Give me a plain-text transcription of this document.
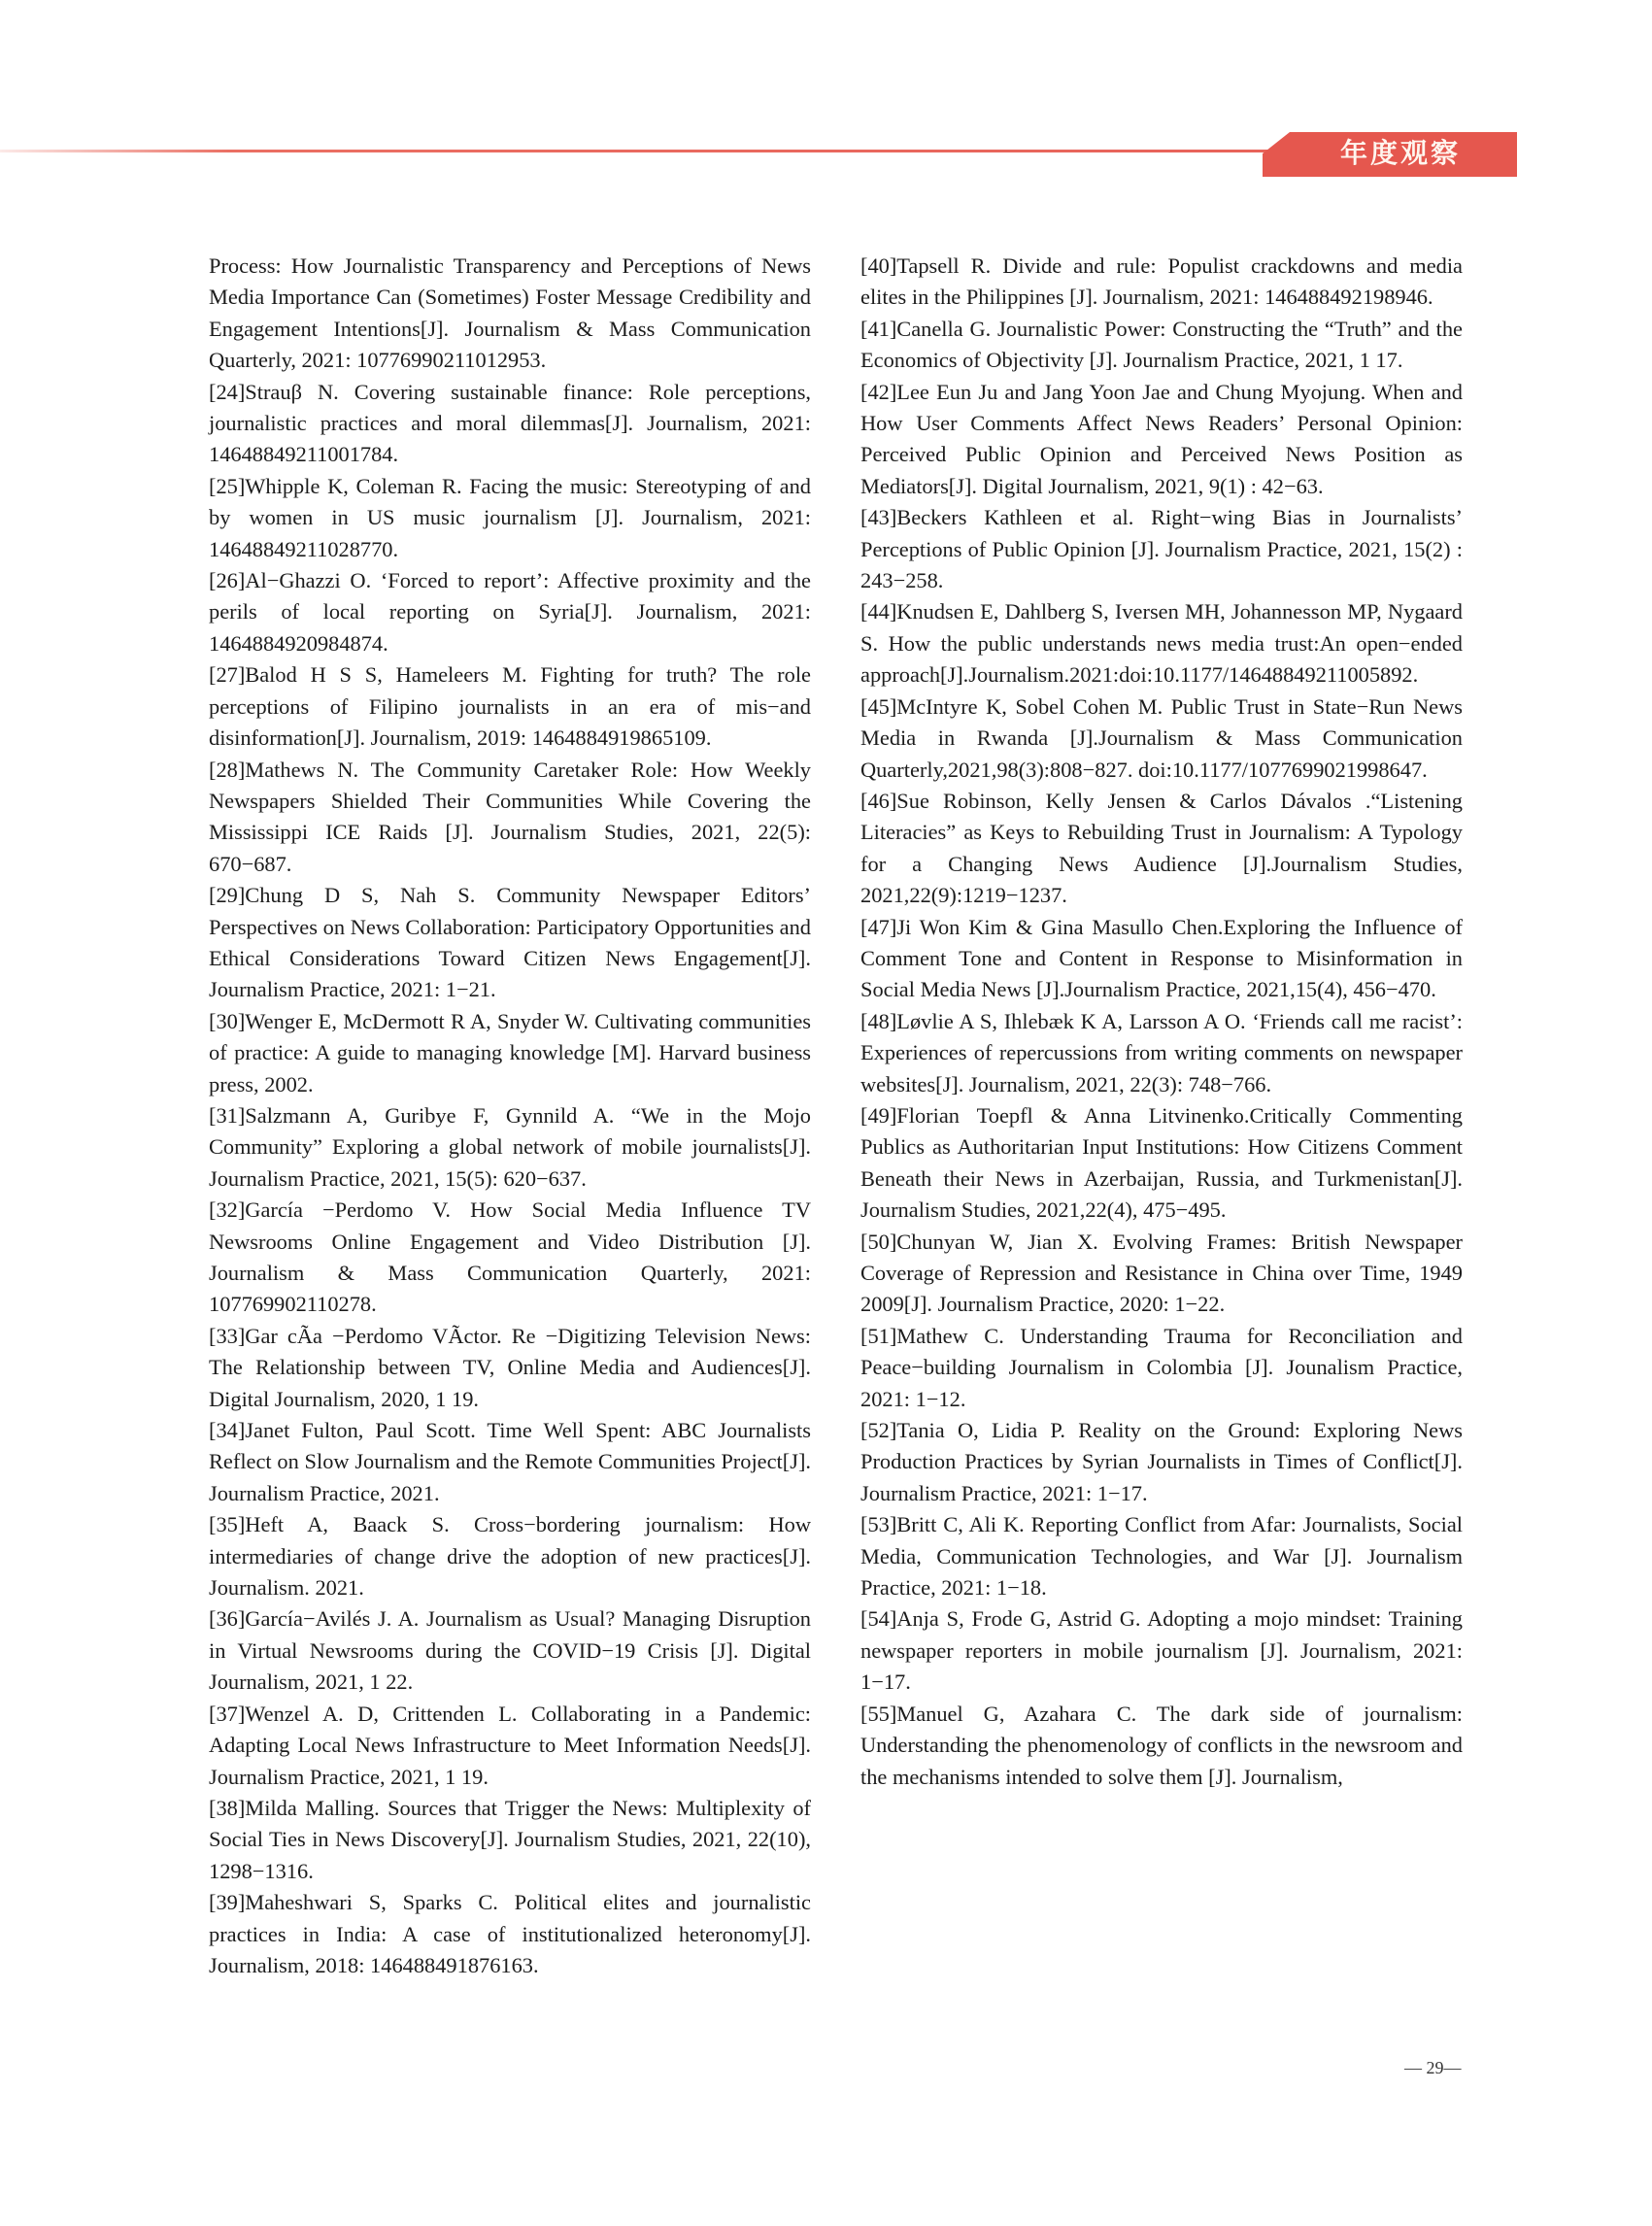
年度观察

Process: How Journalistic Transparency and Perceptions of News Media Importance Can (Sometimes) Foster Message Credibility and Engagement Intentions[J]. Journalism & Mass Communication Quarterly, 2021: 10776990211012953.

[24]Strauβ N. Covering sustainable finance: Role perceptions, journalistic practices and moral dilemmas[J]. Journalism, 2021: 14648849211001784.

[25]Whipple K, Coleman R. Facing the music: Stereotyping of and by women in US music journalism [J]. Journalism, 2021: 14648849211028770.

[26]Al−Ghazzi O. ‘Forced to report’: Affective proximity and the perils of local reporting on Syria[J]. Journalism, 2021: 1464884920984874.

[27]Balod H S S, Hameleers M. Fighting for truth? The role perceptions of Filipino journalists in an era of mis−and disinformation[J]. Journalism, 2019: 1464884919865109.

[28]Mathews N. The Community Caretaker Role: How Weekly Newspapers Shielded Their Communities While Covering the Mississippi ICE Raids [J]. Journalism Studies, 2021, 22(5): 670−687.

[29]Chung D S, Nah S. Community Newspaper Editors’ Perspectives on News Collaboration: Participatory Opportunities and Ethical Considerations Toward Citizen News Engagement[J]. Journalism Practice, 2021: 1−21.

[30]Wenger E, McDermott R A, Snyder W. Cultivating communities of practice: A guide to managing knowledge [M]. Harvard business press, 2002.

[31]Salzmann A, Guribye F, Gynnild A. “We in the Mojo Community” Exploring a global network of mobile journalists[J]. Journalism Practice, 2021, 15(5): 620−637.

[32]García −Perdomo V. How Social Media Influence TV Newsrooms Online Engagement and Video Distribution [J]. Journalism & Mass Communication Quarterly, 2021: 107769902110278.

[33]Gar cÃa −Perdomo VÃctor. Re −Digitizing Television News: The Relationship between TV, Online Media and Audiences[J]. Digital Journalism, 2020, 1 19.

[34]Janet Fulton, Paul Scott. Time Well Spent: ABC Journalists Reflect on Slow Journalism and the Remote Communities Project[J]. Journalism Practice, 2021.

[35]Heft A, Baack S. Cross−bordering journalism: How intermediaries of change drive the adoption of new practices[J]. Journalism. 2021.

[36]García−Avilés J. A. Journalism as Usual? Managing Disruption in Virtual Newsrooms during the COVID−19 Crisis [J]. Digital Journalism, 2021, 1 22.

[37]Wenzel A. D, Crittenden L. Collaborating in a Pandemic: Adapting Local News Infrastructure to Meet Information Needs[J]. Journalism Practice, 2021, 1 19.

[38]Milda Malling. Sources that Trigger the News: Multiplexity of Social Ties in News Discovery[J]. Journalism Studies, 2021, 22(10), 1298−1316.

[39]Maheshwari S, Sparks C. Political elites and journalistic practices in India: A case of institutionalized heteronomy[J]. Journalism, 2018: 146488491876163.

[40]Tapsell R. Divide and rule: Populist crackdowns and media elites in the Philippines [J]. Journalism, 2021: 146488492198946.

[41]Canella G. Journalistic Power: Constructing the “Truth” and the Economics of Objectivity [J]. Journalism Practice, 2021, 1 17.

[42]Lee Eun Ju and Jang Yoon Jae and Chung Myojung. When and How User Comments Affect News Readers’ Personal Opinion: Perceived Public Opinion and Perceived News Position as Mediators[J]. Digital Journalism, 2021, 9(1) : 42−63.

[43]Beckers Kathleen et al. Right−wing Bias in Journalists’ Perceptions of Public Opinion [J]. Journalism Practice, 2021, 15(2) : 243−258.

[44]Knudsen E, Dahlberg S, Iversen MH, Johannesson MP, Nygaard S. How the public understands news media trust:An open−ended approach[J].Journalism.2021:doi:10.1177/14648849211005892.

[45]McIntyre K, Sobel Cohen M. Public Trust in State−Run News Media in Rwanda [J].Journalism & Mass Communication Quarterly,2021,98(3):808−827. doi:10.1177/1077699021998647.

[46]Sue Robinson, Kelly Jensen & Carlos Dávalos .“Listening Literacies” as Keys to Rebuilding Trust in Journalism: A Typology for a Changing News Audience [J].Journalism Studies, 2021,22(9):1219−1237.

[47]Ji Won Kim & Gina Masullo Chen.Exploring the Influence of Comment Tone and Content in Response to Misinformation in Social Media News [J].Journalism Practice, 2021,15(4), 456−470.

[48]Løvlie A S, Ihlebæk K A, Larsson A O. ‘Friends call me racist’: Experiences of repercussions from writing comments on newspaper websites[J]. Journalism, 2021, 22(3): 748−766.

[49]Florian Toepfl & Anna Litvinenko.Critically Commenting Publics as Authoritarian Input Institutions: How Citizens Comment Beneath their News in Azerbaijan, Russia, and Turkmenistan[J]. Journalism Studies, 2021,22(4), 475−495.

[50]Chunyan W, Jian X. Evolving Frames: British Newspaper Coverage of Repression and Resistance in China over Time, 1949 2009[J]. Journalism Practice, 2020: 1−22.

[51]Mathew C. Understanding Trauma for Reconciliation and Peace−building Journalism in Colombia [J]. Jounalism Practice, 2021: 1−12.

[52]Tania O, Lidia P. Reality on the Ground: Exploring News Production Practices by Syrian Journalists in Times of Conflict[J]. Journalism Practice, 2021: 1−17.

[53]Britt C, Ali K. Reporting Conflict from Afar: Journalists, Social Media, Communication Technologies, and War [J]. Journalism Practice, 2021: 1−18.

[54]Anja S, Frode G, Astrid G. Adopting a mojo mindset: Training newspaper reporters in mobile journalism [J]. Journalism, 2021: 1−17.

[55]Manuel G, Azahara C. The dark side of journalism: Understanding the phenomenology of conflicts in the newsroom and the mechanisms intended to solve them [J]. Journalism,

— 29—
